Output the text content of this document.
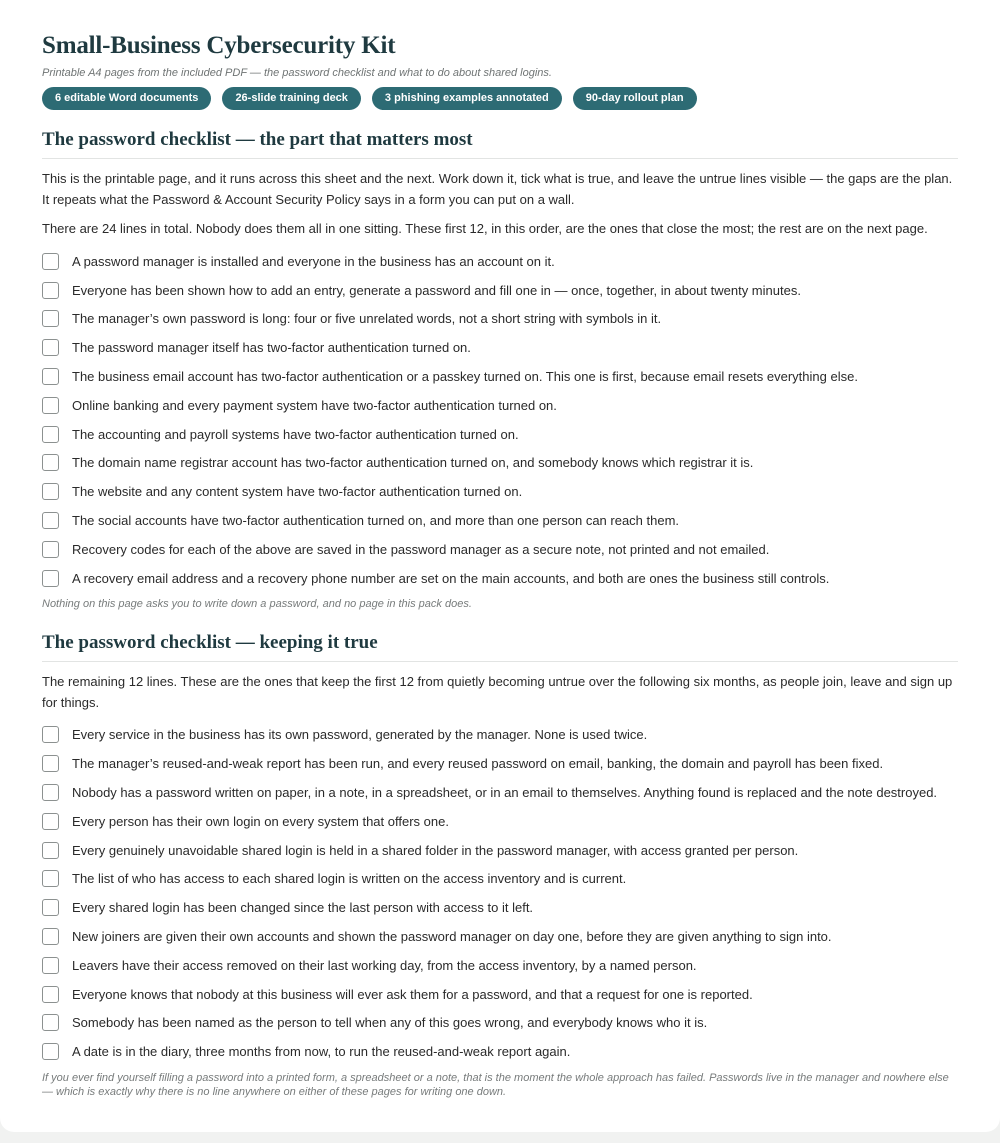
Small-Business Cybersecurity Kit
Printable A4 pages from the included PDF — the password checklist and what to do about shared logins.
6 editable Word documents	26-slide training deck	3 phishing examples annotated	90-day rollout plan
The password checklist — the part that matters most

This is the printable page, and it runs across this sheet and the next. Work down it, tick what is true, and leave the untrue lines visible — the gaps are the plan. It repeats what the Password & Account Security Policy says in a form you can put on a wall.

There are 24 lines in total. Nobody does them all in one sitting. These first 12, in this order, are the ones that close the most; the rest are on the next page.

A password manager is installed and everyone in the business has an account on it.
Everyone has been shown how to add an entry, generate a password and fill one in — once, together, in about twenty minutes.
The manager’s own password is long: four or five unrelated words, not a short string with symbols in it.
The password manager itself has two-factor authentication turned on.
The business email account has two-factor authentication or a passkey turned on. This one is first, because email resets everything else.
Online banking and every payment system have two-factor authentication turned on.
The accounting and payroll systems have two-factor authentication turned on.
The domain name registrar account has two-factor authentication turned on, and somebody knows which registrar it is.
The website and any content system have two-factor authentication turned on.
The social accounts have two-factor authentication turned on, and more than one person can reach them.
Recovery codes for each of the above are saved in the password manager as a secure note, not printed and not emailed.
A recovery email address and a recovery phone number are set on the main accounts, and both are ones the business still controls.
Nothing on this page asks you to write down a password, and no page in this pack does.
The password checklist — keeping it true

The remaining 12 lines. These are the ones that keep the first 12 from quietly becoming untrue over the following six months, as people join, leave and sign up for things.

Every service in the business has its own password, generated by the manager. None is used twice.
The manager’s reused-and-weak report has been run, and every reused password on email, banking, the domain and payroll has been fixed.
Nobody has a password written on paper, in a note, in a spreadsheet, or in an email to themselves. Anything found is replaced and the note destroyed.
Every person has their own login on every system that offers one.
Every genuinely unavoidable shared login is held in a shared folder in the password manager, with access granted per person.
The list of who has access to each shared login is written on the access inventory and is current.
Every shared login has been changed since the last person with access to it left.
New joiners are given their own accounts and shown the password manager on day one, before they are given anything to sign into.
Leavers have their access removed on their last working day, from the access inventory, by a named person.
Everyone knows that nobody at this business will ever ask them for a password, and that a request for one is reported.
Somebody has been named as the person to tell when any of this goes wrong, and everybody knows who it is.
A date is in the diary, three months from now, to run the reused-and-weak report again.
If you ever find yourself filling a password into a printed form, a spreadsheet or a note, that is the moment the whole approach has failed. Passwords live in the manager and nowhere else — which is exactly why there is no line anywhere on either of these pages for writing one down.
